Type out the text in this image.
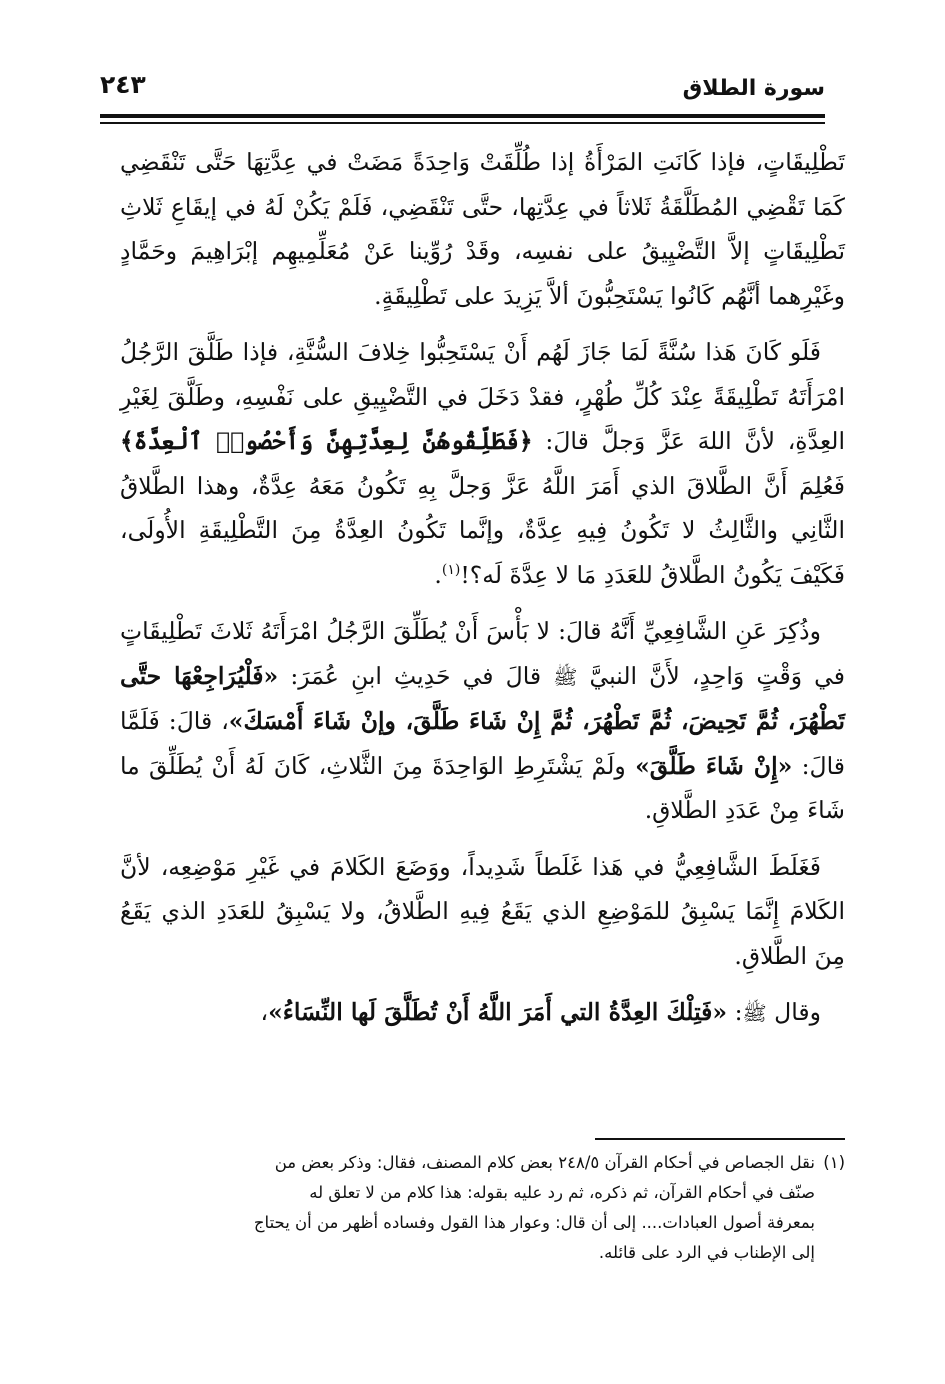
٢٤٣	سورة الطلاق

تَطْلِيقَاتٍ، فإذا كَانَتِ المَرْأَةُ إذا طُلِّقَتْ وَاحِدَةً مَضَتْ في عِدَّتِهَا حَتَّى تَنْقَضِي كَمَا تَقْضِي المُطَلَّقَةُ ثَلاثاً في عِدَّتِها، حتَّى تَنْقَضِي، فَلَمْ يَكُنْ لَهُ في إيقَاعِ ثَلاثِ تَطْلِيقَاتٍ إلاَّ التَّضْيِيقُ على نفسِه، وقَدْ رُوِّينا عَنْ مُعَلِّمِيهِم إبْرَاهِيمَ وحَمَّادٍ وغَيْرِهما أنَّهُم كَانُوا يَسْتَحِبُّونَ ألاَّ يَزِيدَ على تَطْلِيقَةٍ.

فَلَو كَانَ هَذا سُنَّةً لَمَا جَازَ لَهُم أَنْ يَسْتَحِبُّوا خِلافَ السُّنَّةِ، فإذا طَلَّقَ الرَّجُلُ امْرَأَتَهُ تَطْلِيقَةً عِنْدَ كُلِّ طُهْرٍ، فقدْ دَخَلَ في التَّضْيِيقِ على نَفْسِهِ، وطَلَّقَ لِغَيْرِ العِدَّةِ، لأنَّ اللهَ عَزَّ وَجلَّ قالَ: ﴿فَطَلِّقُوهُنَّ لِعِدَّتِهِنَّ وَأَحْصُوا۟ ٱلْعِدَّةَ﴾ فَعُلِمَ أَنَّ الطَّلاقَ الذي أَمَرَ اللَّهُ عَزَّ وَجلَّ بِهِ تَكُونُ مَعَهُ عِدَّةٌ، وهذا الطَّلاقُ الثَّانِي والثَّالِثُ لا تَكُونُ فِيهِ عِدَّةٌ، وإنَّما تَكُونُ العِدَّةُ مِنَ التَّطْلِيقَةِ الأُولَى، فَكَيْفَ يَكُونُ الطَّلاقُ للعَدَدِ مَا لا عِدَّةَ لَه؟!$^{(١)}$.

وذُكِرَ عَنِ الشَّافِعِيِّ أَنَّهُ قالَ: لا بَأْسَ أَنْ يُطَلِّقَ الرَّجُلُ امْرَأَتَهُ ثَلاثَ تَطْلِيقَاتٍ في وَقْتٍ وَاحِدٍ، لأَنَّ النبيَّ ﷺ قالَ في حَدِيثِ ابنِ عُمَرَ: «فَلْيُرَاجِعْهَا حتَّى تَطْهُرَ، ثُمَّ تَحِيضَ، ثُمَّ تَطْهُرَ، ثُمَّ إِنْ شَاءَ طَلَّقَ، وإنْ شَاءَ أَمْسَكَ»، قالَ: فَلَمَّا قالَ: «إِنْ شَاءَ طَلَّقَ» ولَمْ يَشْتَرِطِ الوَاحِدَةَ مِنَ الثَّلاثِ، كَانَ لَهُ أَنْ يُطَلِّقَ ما شَاءَ مِنْ عَدَدِ الطَّلاقِ.

فَغَلَطَ الشَّافِعِيُّ في هَذا غَلَطاً شَدِيداً، ووَضَعَ الكَلامَ في غَيْرِ مَوْضِعِه، لأنَّ الكَلامَ إِنَّمَا يَسْبِقُ للمَوْضِعِ الذي يَقَعُ فِيهِ الطَّلاقُ، ولا يَسْبِقُ للعَدَدِ الذي يَقَعُ مِنَ الطَّلاقِ.

وقال ﷺ: «فَتِلْكَ العِدَّةُ التي أَمَرَ اللَّهُ أَنْ تُطَلَّقَ لَها النِّسَاءُ»،

(١)نقل الجصاص في أحكام القرآن ٢٤٨/٥ بعض كلام المصنف، فقال: وذكر بعض من
صنّف في أحكام القرآن، ثم ذكره، ثم رد عليه بقوله: هذا كلام من لا تعلق له
بمعرفة أصول العبادات.... إلى أن قال: وعوار هذا القول وفساده أظهر من أن يحتاج
إلى الإطناب في الرد على قائله.
